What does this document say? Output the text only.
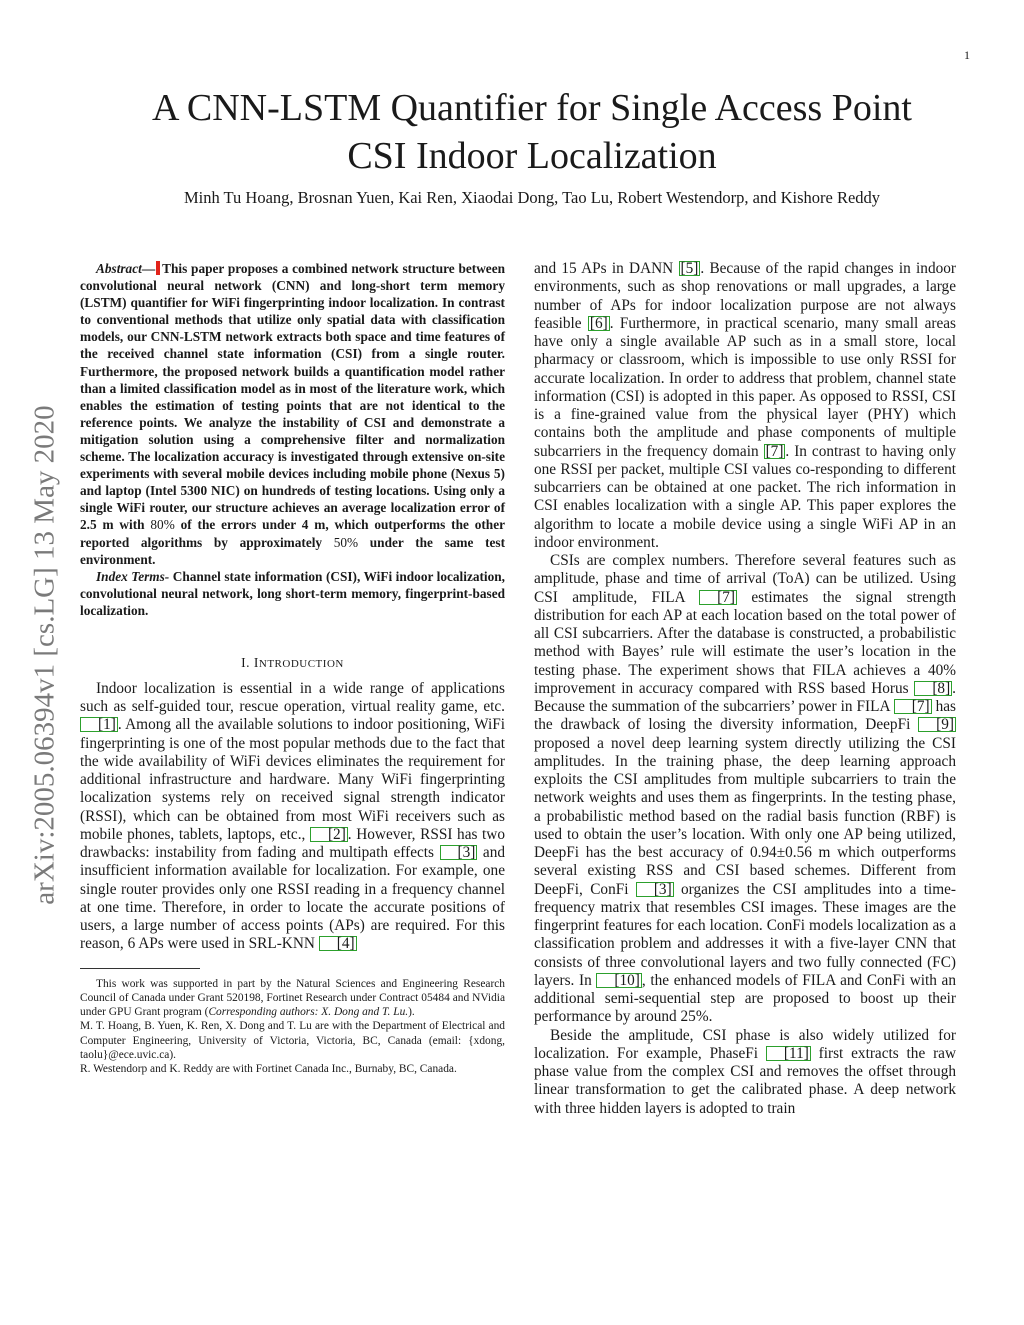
1
arXiv:2005.06394v1 [cs.LG] 13 May 2020
A CNN-LSTM Quantifier for Single Access Point
CSI Indoor Localization
Minh Tu Hoang, Brosnan Yuen, Kai Ren, Xiaodai Dong, Tao Lu, Robert Westendorp, and Kishore Reddy

Abstract— This paper proposes a combined network structure between convolutional neural network (CNN) and long-short term memory (LSTM) quantifier for WiFi fingerprinting indoor localization. In contrast to conventional methods that utilize only spatial data with classification models, our CNN-LSTM network extracts both space and time features of the received channel state information (CSI) from a single router. Furthermore, the proposed network builds a quantification model rather than a limited classification model as in most of the literature work, which enables the estimation of testing points that are not identical to the reference points. We analyze the instability of CSI and demonstrate a mitigation solution using a comprehensive filter and normalization scheme. The localization accuracy is investigated through extensive on-site experiments with several mobile devices including mobile phone (Nexus 5) and laptop (Intel 5300 NIC) on hundreds of testing locations. Using only a single WiFi router, our structure achieves an average localization error of 2.5 m with 80% of the errors under 4 m, which outperforms the other reported algorithms by approximately 50% under the same test environment.

Index Terms- Channel state information (CSI), WiFi indoor localization, convolutional neural network, long short-term memory, fingerprint-based localization.

I. INTRODUCTION

Indoor localization is essential in a wide range of applications such as self-guided tour, rescue operation, virtual reality game, etc. [1] . Among all the available solutions to indoor positioning, WiFi fingerprinting is one of the most popular methods due to the fact that the wide availability of WiFi devices eliminates the requirement for additional infrastructure and hardware. Many WiFi fingerprinting localization systems rely on received signal strength indicator (RSSI), which can be obtained from most WiFi receivers such as mobile phones, tablets, laptops, etc., [2] . However, RSSI has two drawbacks: instability from fading and multipath effects [3] and insufficient information available for localization. For example, one single router provides only one RSSI reading in a frequency channel at one time. Therefore, in order to locate the accurate positions of users, a large number of access points (APs) are required. For this reason, 6 APs were used in SRL-KNN [4]

This work was supported in part by the Natural Sciences and Engineering Research Council of Canada under Grant 520198, Fortinet Research under Contract 05484 and NVidia under GPU Grant program (Corresponding authors: X. Dong and T. Lu.).

M. T. Hoang, B. Yuen, K. Ren, X. Dong and T. Lu are with the Department of Electrical and Computer Engineering, University of Victoria, Victoria, BC, Canada (email: {xdong, taolu}@ece.uvic.ca).

R. Westendorp and K. Reddy are with Fortinet Canada Inc., Burnaby, BC, Canada.

and 15 APs in DANN [5] . Because of the rapid changes in indoor environments, such as shop renovations or mall upgrades, a large number of APs for indoor localization purpose are not always feasible [6] . Furthermore, in practical scenario, many small areas have only a single available AP such as in a small store, local pharmacy or classroom, which is impossible to use only RSSI for accurate localization. In order to address that problem, channel state information (CSI) is adopted in this paper. As opposed to RSSI, CSI is a fine-grained value from the physical layer (PHY) which contains both the amplitude and phase components of multiple subcarriers in the frequency domain [7] . In contrast to having only one RSSI per packet, multiple CSI values co-responding to different subcarriers can be obtained at one packet. The rich information in CSI enables localization with a single AP. This paper explores the algorithm to locate a mobile device using a single WiFi AP in an indoor environment.

CSIs are complex numbers. Therefore several features such as amplitude, phase and time of arrival (ToA) can be utilized. Using CSI amplitude, FILA [7] estimates the signal strength distribution for each AP at each location based on the total power of all CSI subcarriers. After the database is constructed, a probabilistic method with Bayes’ rule will estimate the user’s location in the testing phase. The experiment shows that FILA achieves a 40% improvement in accuracy compared with RSS based Horus [8] . Because the summation of the subcarriers’ power in FILA [7] has the drawback of losing the diversity information, DeepFi [9] proposed a novel deep learning system directly utilizing the CSI amplitudes. In the training phase, the deep learning approach exploits the CSI amplitudes from multiple subcarriers to train the network weights and uses them as fingerprints. In the testing phase, a probabilistic method based on the radial basis function (RBF) is used to obtain the user’s location. With only one AP being utilized, DeepFi has the best accuracy of 0.94±0.56 m which outperforms several existing RSS and CSI based schemes. Different from DeepFi, ConFi [3] organizes the CSI amplitudes into a time-frequency matrix that resembles CSI images. These images are the fingerprint features for each location. ConFi models localization as a classification problem and addresses it with a five-layer CNN that consists of three convolutional layers and two fully connected (FC) layers. In [10] , the enhanced models of FILA and ConFi with an additional semi-sequential step are proposed to boost up their performance by around 25%.

Beside the amplitude, CSI phase is also widely utilized for localization. For example, PhaseFi [11] first extracts the raw phase value from the complex CSI and removes the offset through linear transformation to get the calibrated phase. A deep network with three hidden layers is adopted to train
